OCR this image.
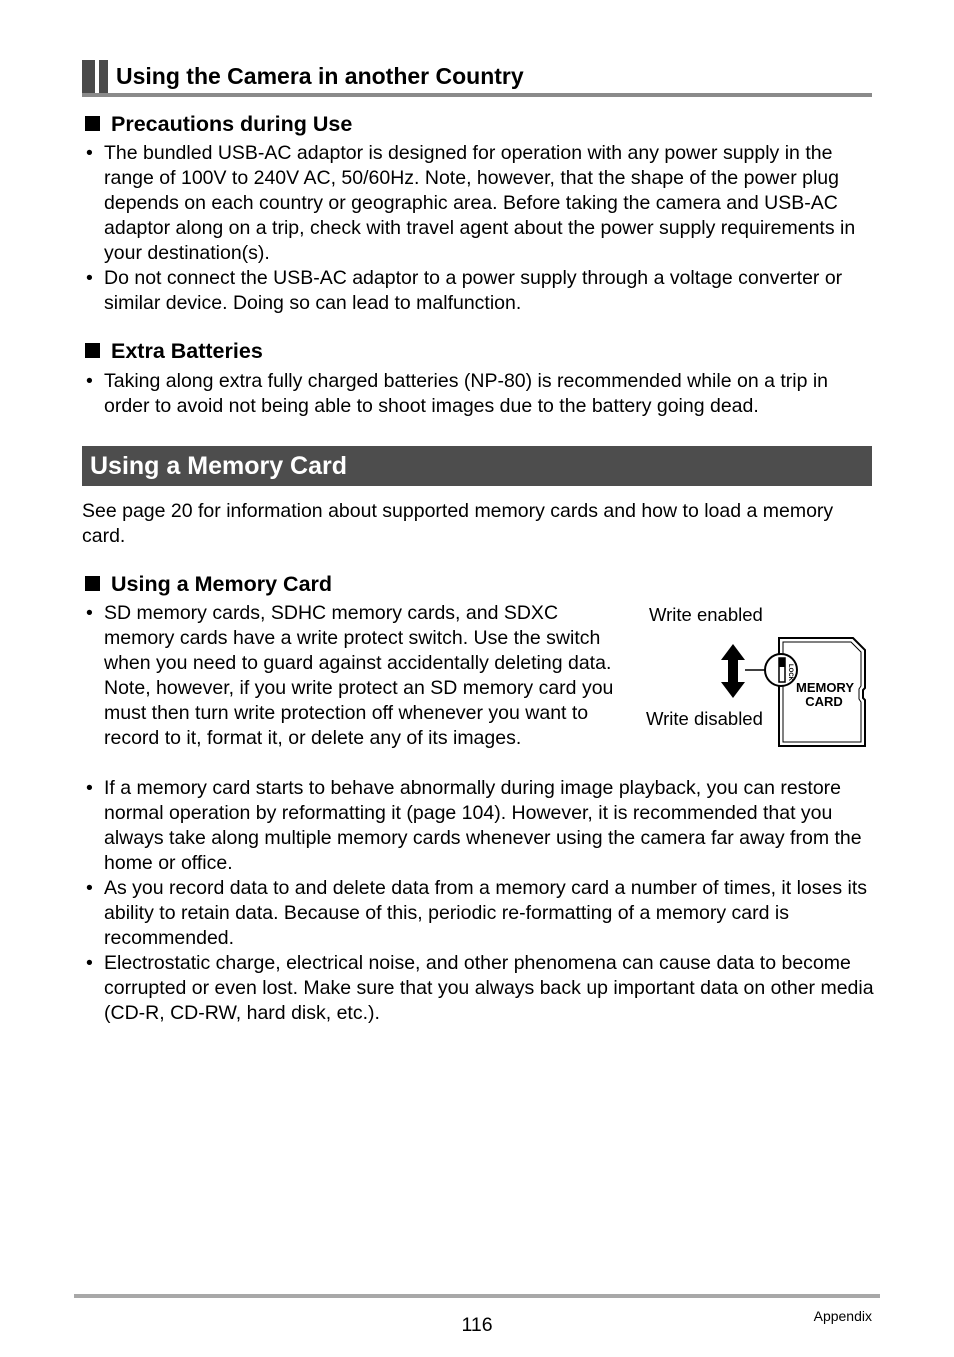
Using the Camera in another Country
Precautions during Use
• The bundled USB-AC adaptor is designed for operation with any power supply in the range of 100V to 240V AC, 50/60Hz. Note, however, that the shape of the power plug depends on each country or geographic area. Before taking the camera and USB-AC adaptor along on a trip, check with travel agent about the power supply requirements in your destination(s).
• Do not connect the USB-AC adaptor to a power supply through a voltage converter or similar device. Doing so can lead to malfunction.
Extra Batteries
• Taking along extra fully charged batteries (NP-80) is recommended while on a trip in order to avoid not being able to shoot images due to the battery going dead.
Using a Memory Card
See page 20 for information about supported memory cards and how to load a memory card.
Using a Memory Card
• SD memory cards, SDHC memory cards, and SDXC memory cards have a write protect switch. Use the switch when you need to guard against accidentally deleting data. Note, however, if you write protect an SD memory card you must then turn write protection off whenever you want to record to it, format it, or delete any of its images.
• If a memory card starts to behave abnormally during image playback, you can restore normal operation by reformatting it (page 104). However, it is recommended that you always take along multiple memory cards whenever using the camera far away from the home or office.
• As you record data to and delete data from a memory card a number of times, it loses its ability to retain data. Because of this, periodic re-formatting of a memory card is recommended.
• Electrostatic charge, electrical noise, and other phenomena can cause data to become corrupted or even lost. Make sure that you always back up important data on other media (CD-R, CD-RW, hard disk, etc.).
Write enabled
Write disabled
LOCK
MEMORY
CARD
116	Appendix
